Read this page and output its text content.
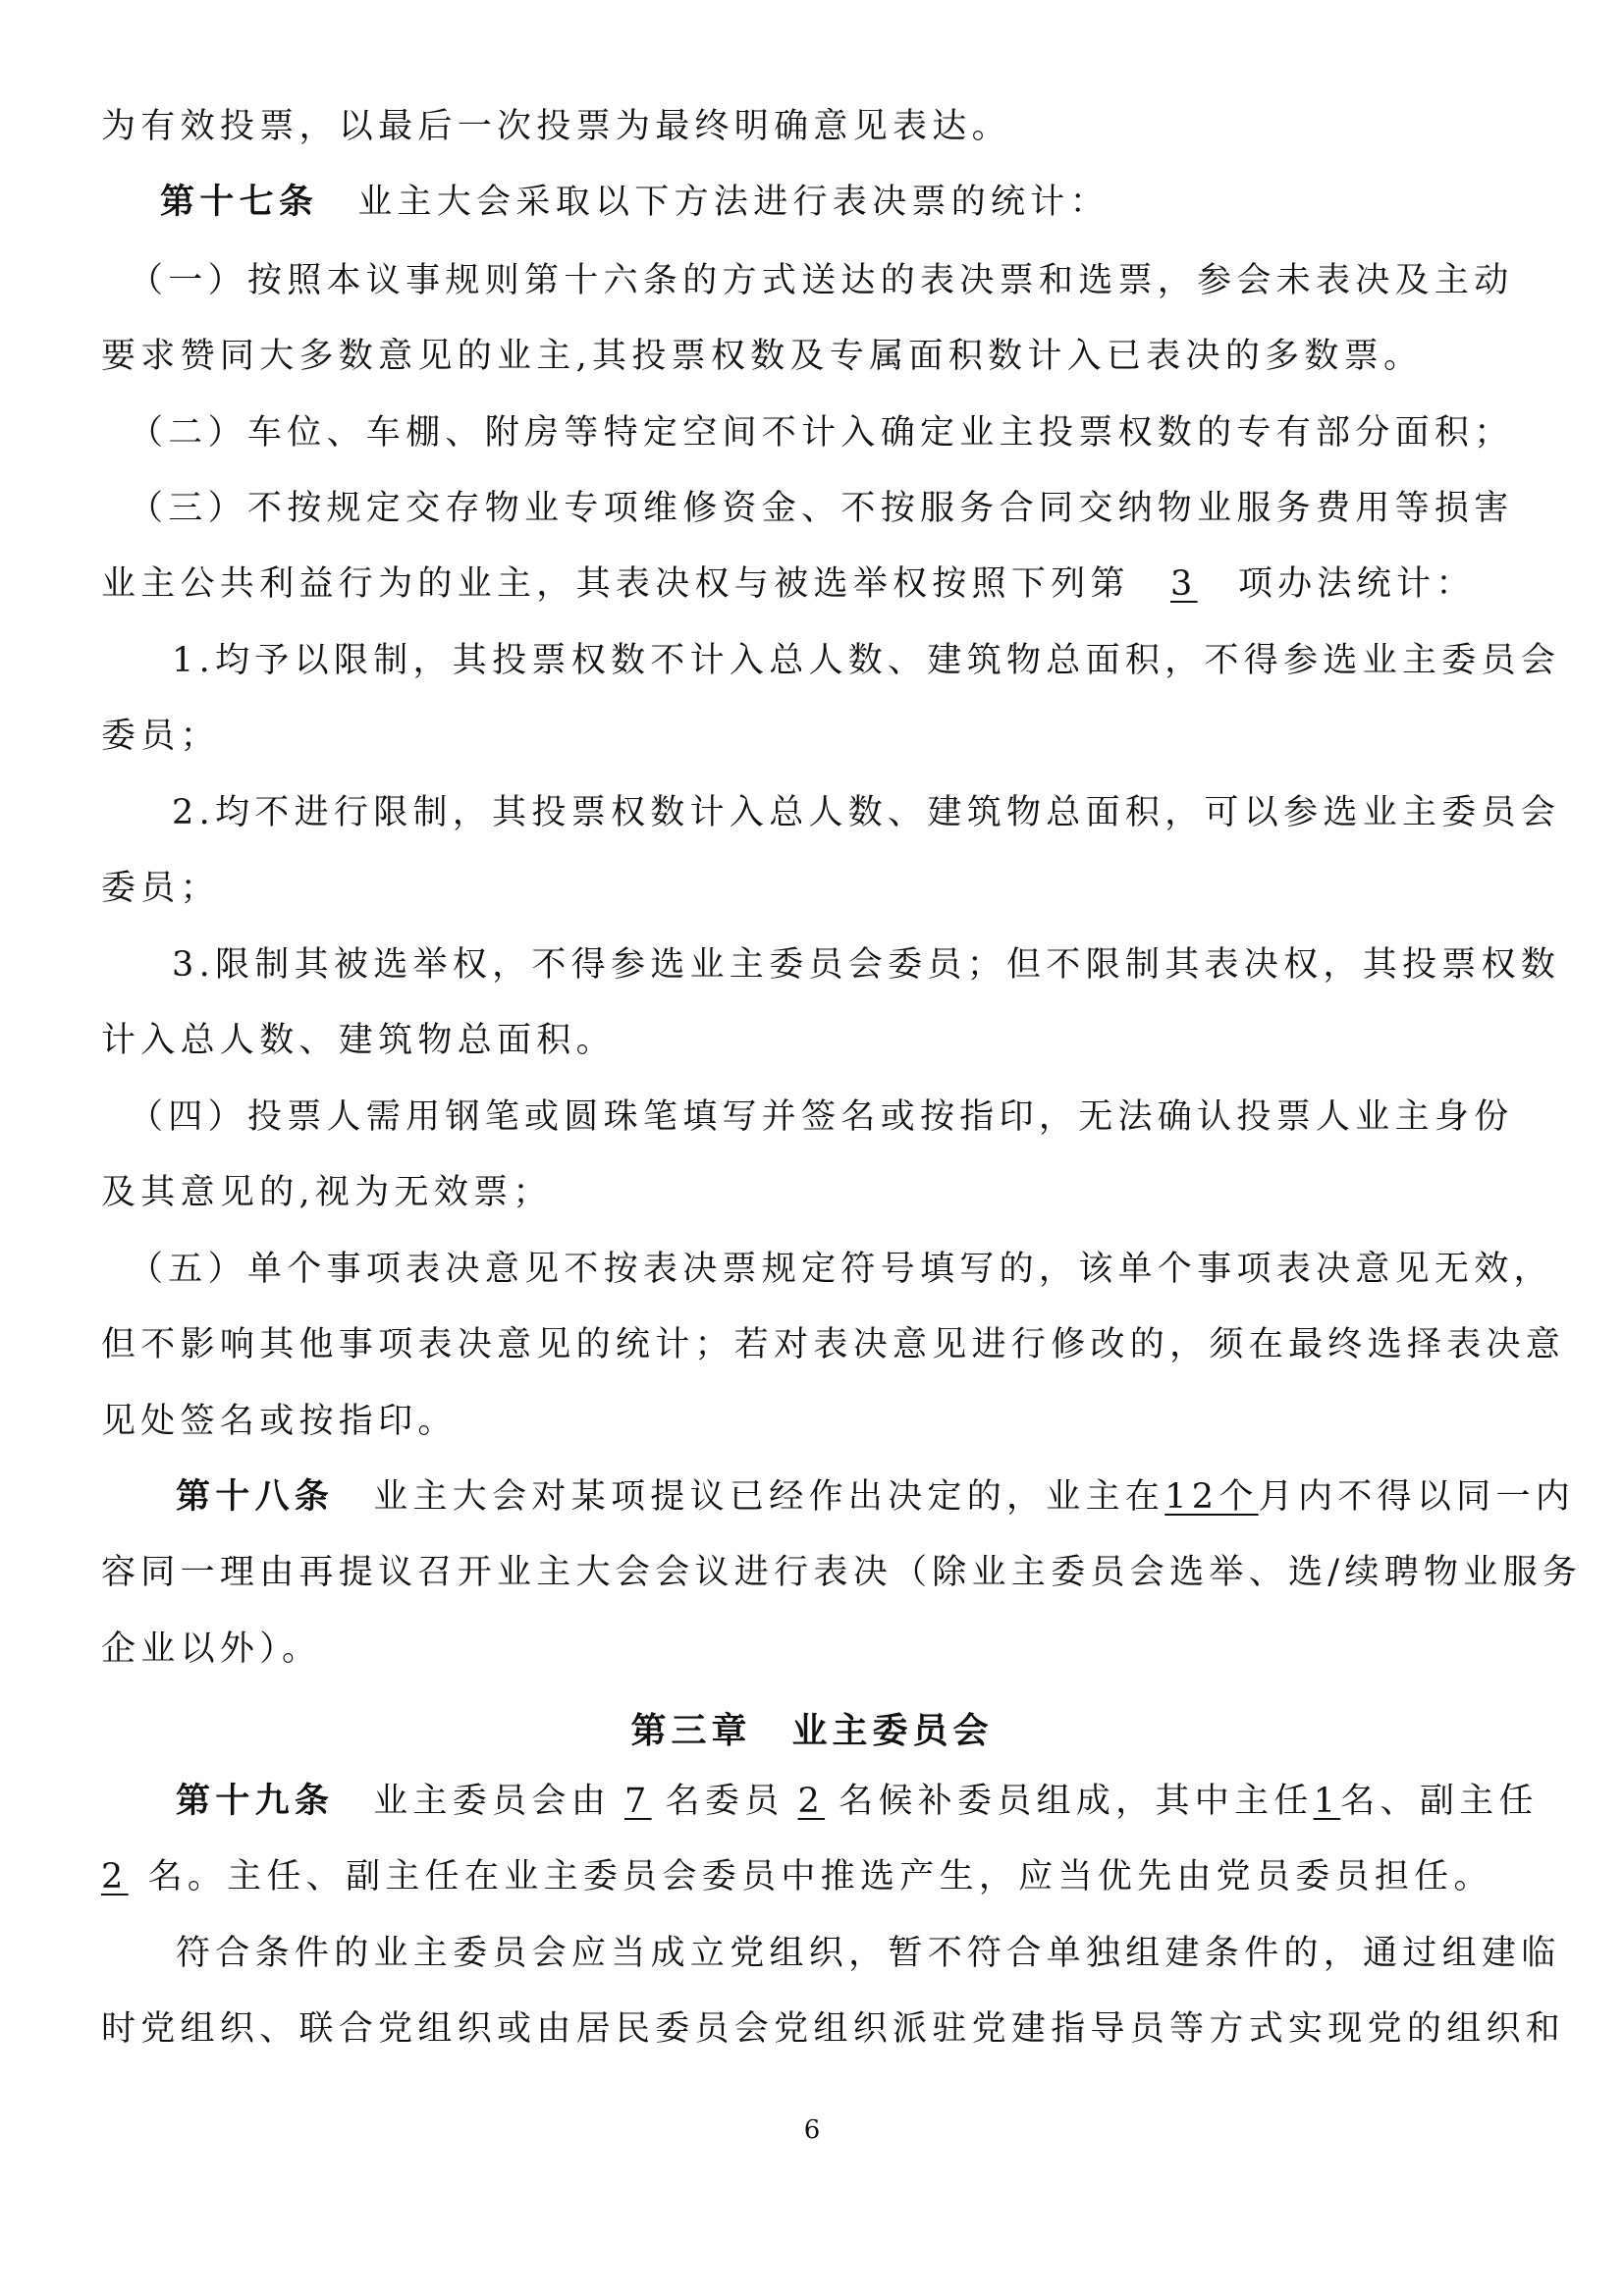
为有效投票，以最后一次投票为最终明确意见表达。
第十七条 业主大会采取以下方法进行表决票的统计：
（一）按照本议事规则第十六条的方式送达的表决票和选票，参会未表决及主动
要求赞同大多数意见的业主,其投票权数及专属面积数计入已表决的多数票。
（二）车位、车棚、附房等特定空间不计入确定业主投票权数的专有部分面积；
（三）不按规定交存物业专项维修资金、不按服务合同交纳物业服务费用等损害
业主公共利益行为的业主，其表决权与被选举权按照下列第 3 项办法统计：
1.均予以限制，其投票权数不计入总人数、建筑物总面积，不得参选业主委员会
委员；
2.均不进行限制，其投票权数计入总人数、建筑物总面积，可以参选业主委员会
委员；
3.限制其被选举权，不得参选业主委员会委员；但不限制其表决权，其投票权数
计入总人数、建筑物总面积。
（四）投票人需用钢笔或圆珠笔填写并签名或按指印，无法确认投票人业主身份
及其意见的,视为无效票；
（五）单个事项表决意见不按表决票规定符号填写的，该单个事项表决意见无效，
但不影响其他事项表决意见的统计；若对表决意见进行修改的，须在最终选择表决意
见处签名或按指印。
第十八条 业主大会对某项提议已经作出决定的，业主在12个月内不得以同一内
容同一理由再提议召开业主大会会议进行表决（除业主委员会选举、选/续聘物业服务
企业以外）。
第三章　业主委员会
第十九条 业主委员会由 7 名委员 2 名候补委员组成，其中主任1名、副主任
2 名。主任、副主任在业主委员会委员中推选产生，应当优先由党员委员担任。
符合条件的业主委员会应当成立党组织，暂不符合单独组建条件的，通过组建临
时党组织、联合党组织或由居民委员会党组织派驻党建指导员等方式实现党的组织和
6
